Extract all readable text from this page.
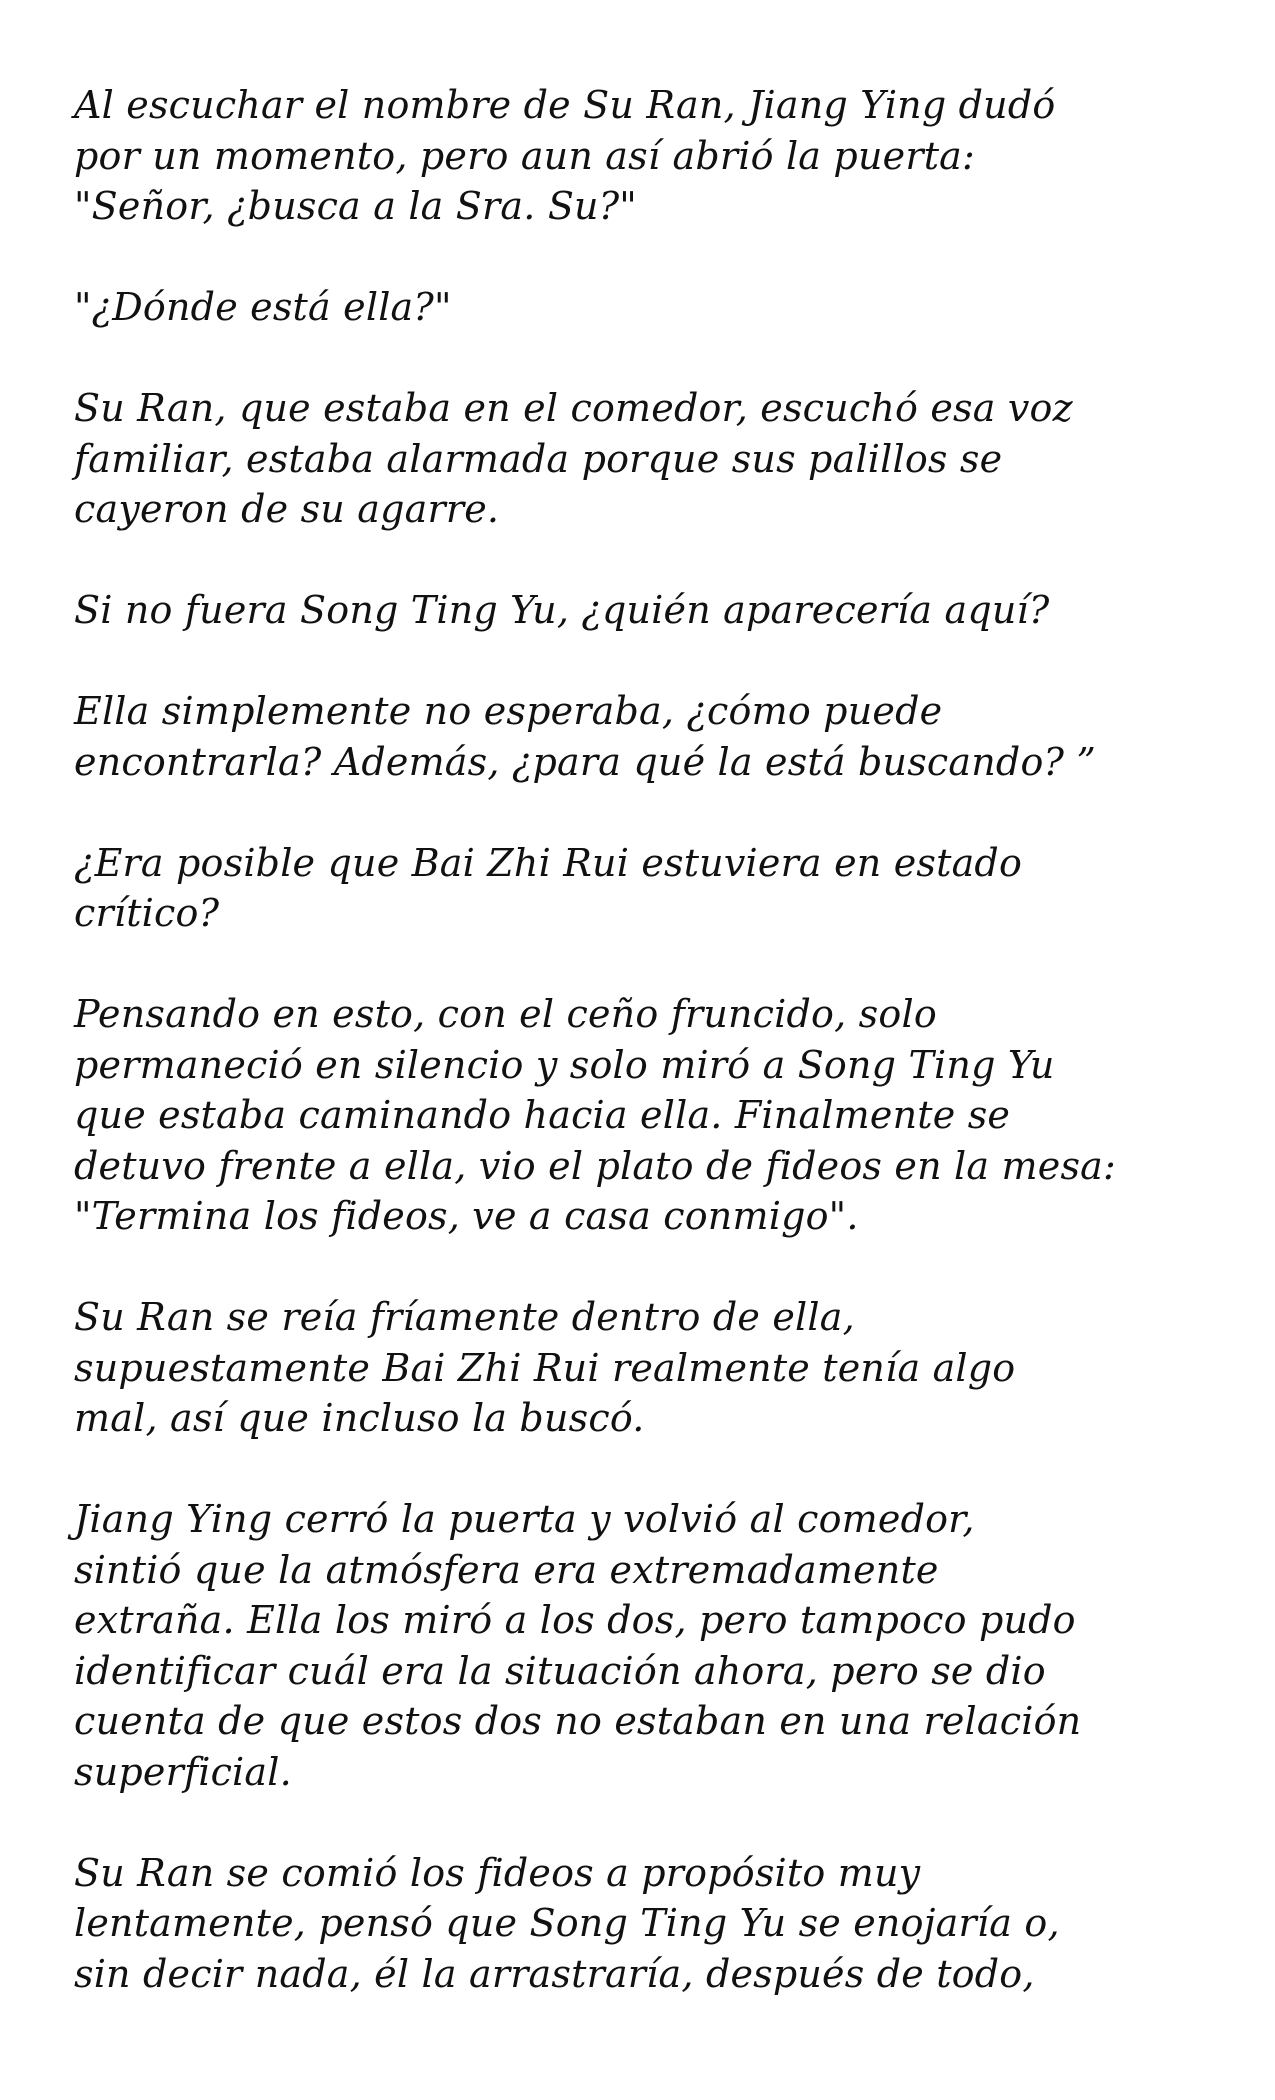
Al escuchar el nombre de Su Ran, Jiang Ying dudó
por un momento, pero aun así abrió la puerta:
"Señor, ¿busca a la Sra. Su?"

"¿Dónde está ella?"

Su Ran, que estaba en el comedor, escuchó esa voz
familiar, estaba alarmada porque sus palillos se
cayeron de su agarre.

Si no fuera Song Ting Yu, ¿quién aparecería aquí?

Ella simplemente no esperaba, ¿cómo puede
encontrarla? Además, ¿para qué la está buscando? ”

¿Era posible que Bai Zhi Rui estuviera en estado
crítico?

Pensando en esto, con el ceño fruncido, solo
permaneció en silencio y solo miró a Song Ting Yu
que estaba caminando hacia ella. Finalmente se
detuvo frente a ella, vio el plato de fideos en la mesa:
"Termina los fideos, ve a casa conmigo".

Su Ran se reía fríamente dentro de ella,
supuestamente Bai Zhi Rui realmente tenía algo
mal, así que incluso la buscó.

Jiang Ying cerró la puerta y volvió al comedor,
sintió que la atmósfera era extremadamente
extraña. Ella los miró a los dos, pero tampoco pudo
identificar cuál era la situación ahora, pero se dio
cuenta de que estos dos no estaban en una relación
superficial.

Su Ran se comió los fideos a propósito muy
lentamente, pensó que Song Ting Yu se enojaría o,
sin decir nada, él la arrastraría, después de todo,
